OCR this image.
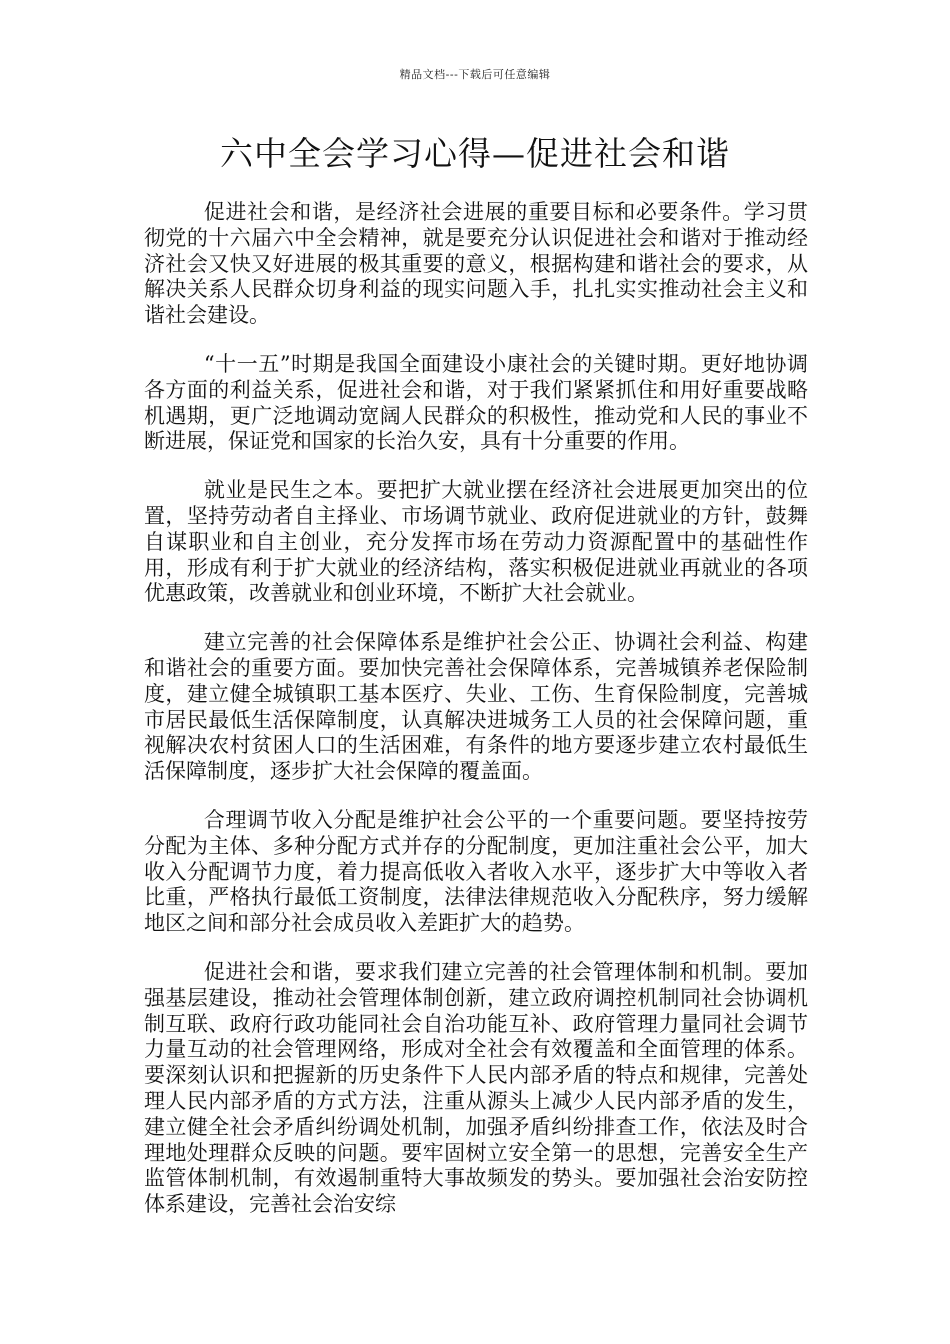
精品文档---下载后可任意编辑
六中全会学习心得—促进社会和谐

促进社会和谐，是经济社会进展的重要目标和必要条件。学习贯彻党的十六届六中全会精神，就是要充分认识促进社会和谐对于推动经济社会又快又好进展的极其重要的意义，根据构建和谐社会的要求，从解决关系人民群众切身利益的现实问题入手，扎扎实实推动社会主义和谐社会建设。

“十一五”时期是我国全面建设小康社会的关键时期。更好地协调各方面的利益关系，促进社会和谐，对于我们紧紧抓住和用好重要战略机遇期，更广泛地调动宽阔人民群众的积极性，推动党和人民的事业不断进展，保证党和国家的长治久安，具有十分重要的作用。

就业是民生之本。要把扩大就业摆在经济社会进展更加突出的位置，坚持劳动者自主择业、市场调节就业、政府促进就业的方针，鼓舞自谋职业和自主创业，充分发挥市场在劳动力资源配置中的基础性作用，形成有利于扩大就业的经济结构，落实积极促进就业再就业的各项优惠政策，改善就业和创业环境，不断扩大社会就业。

建立完善的社会保障体系是维护社会公正、协调社会利益、构建和谐社会的重要方面。要加快完善社会保障体系，完善城镇养老保险制度，建立健全城镇职工基本医疗、失业、工伤、生育保险制度，完善城市居民最低生活保障制度，认真解决进城务工人员的社会保障问题，重视解决农村贫困人口的生活困难，有条件的地方要逐步建立农村最低生活保障制度，逐步扩大社会保障的覆盖面。

合理调节收入分配是维护社会公平的一个重要问题。要坚持按劳分配为主体、多种分配方式并存的分配制度，更加注重社会公平，加大收入分配调节力度，着力提高低收入者收入水平，逐步扩大中等收入者比重，严格执行最低工资制度，法律法律规范收入分配秩序，努力缓解地区之间和部分社会成员收入差距扩大的趋势。

促进社会和谐，要求我们建立完善的社会管理体制和机制。要加强基层建设，推动社会管理体制创新，建立政府调控机制同社会协调机制互联、政府行政功能同社会自治功能互补、政府管理力量同社会调节力量互动的社会管理网络，形成对全社会有效覆盖和全面管理的体系。要深刻认识和把握新的历史条件下人民内部矛盾的特点和规律，完善处理人民内部矛盾的方式方法，注重从源头上减少人民内部矛盾的发生，建立健全社会矛盾纠纷调处机制，加强矛盾纠纷排查工作，依法及时合理地处理群众反映的问题。要牢固树立安全第一的思想，完善安全生产监管体制机制，有效遏制重特大事故频发的势头。要加强社会治安防控体系建设，完善社会治安综
